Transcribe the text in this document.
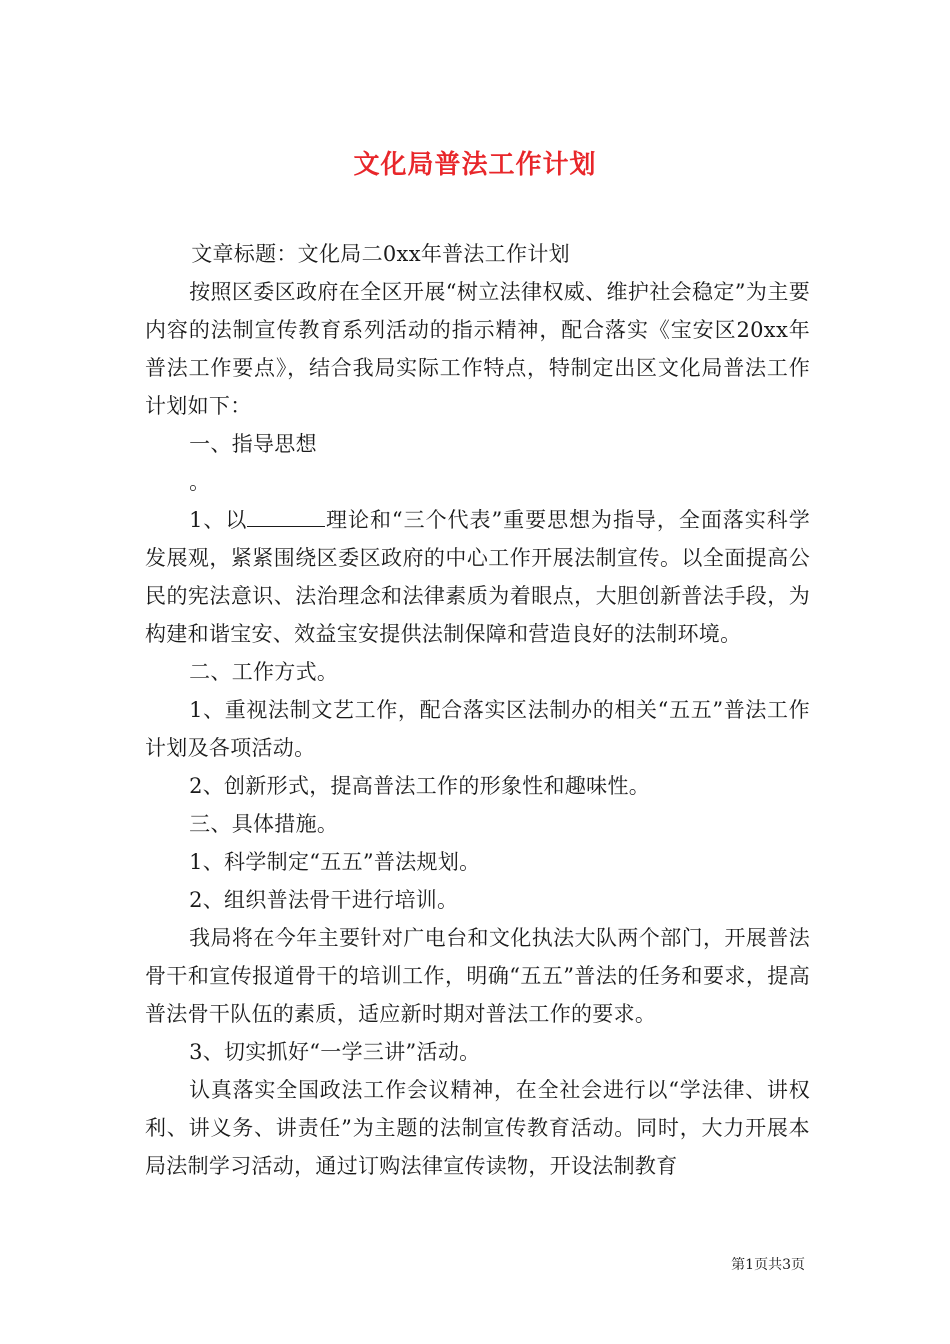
文化局普法工作计划

文章标题：文化局二0xx年普法工作计划

按照区委区政府在全区开展“树立法律权威、维护社会稳定”为主要内容的法制宣传教育系列活动的指示精神，配合落实《宝安区20xx年普法工作要点》，结合我局实际工作特点，特制定出区文化局普法工作计划如下：

一、指导思想

。

1、以	理论和“三个代表”重要思想为指导，全面落实科学发展观，紧紧围绕区委区政府的中心工作开展法制宣传。以全面提高公民的宪法意识、法治理念和法律素质为着眼点，大胆创新普法手段，为构建和谐宝安、效益宝安提供法制保障和营造良好的法制环境。

二、工作方式。

1、重视法制文艺工作，配合落实区法制办的相关“五五”普法工作计划及各项活动。

2、创新形式，提高普法工作的形象性和趣味性。

三、具体措施。

1、科学制定“五五”普法规划。

2、组织普法骨干进行培训。

我局将在今年主要针对广电台和文化执法大队两个部门，开展普法骨干和宣传报道骨干的培训工作，明确“五五”普法的任务和要求，提高普法骨干队伍的素质，适应新时期对普法工作的要求。

3、切实抓好“一学三讲”活动。

认真落实全国政法工作会议精神，在全社会进行以“学法律、讲权利、讲义务、讲责任”为主题的法制宣传教育活动。同时，大力开展本局法制学习活动，通过订购法律宣传读物，开设法制教育

第1页共3页
